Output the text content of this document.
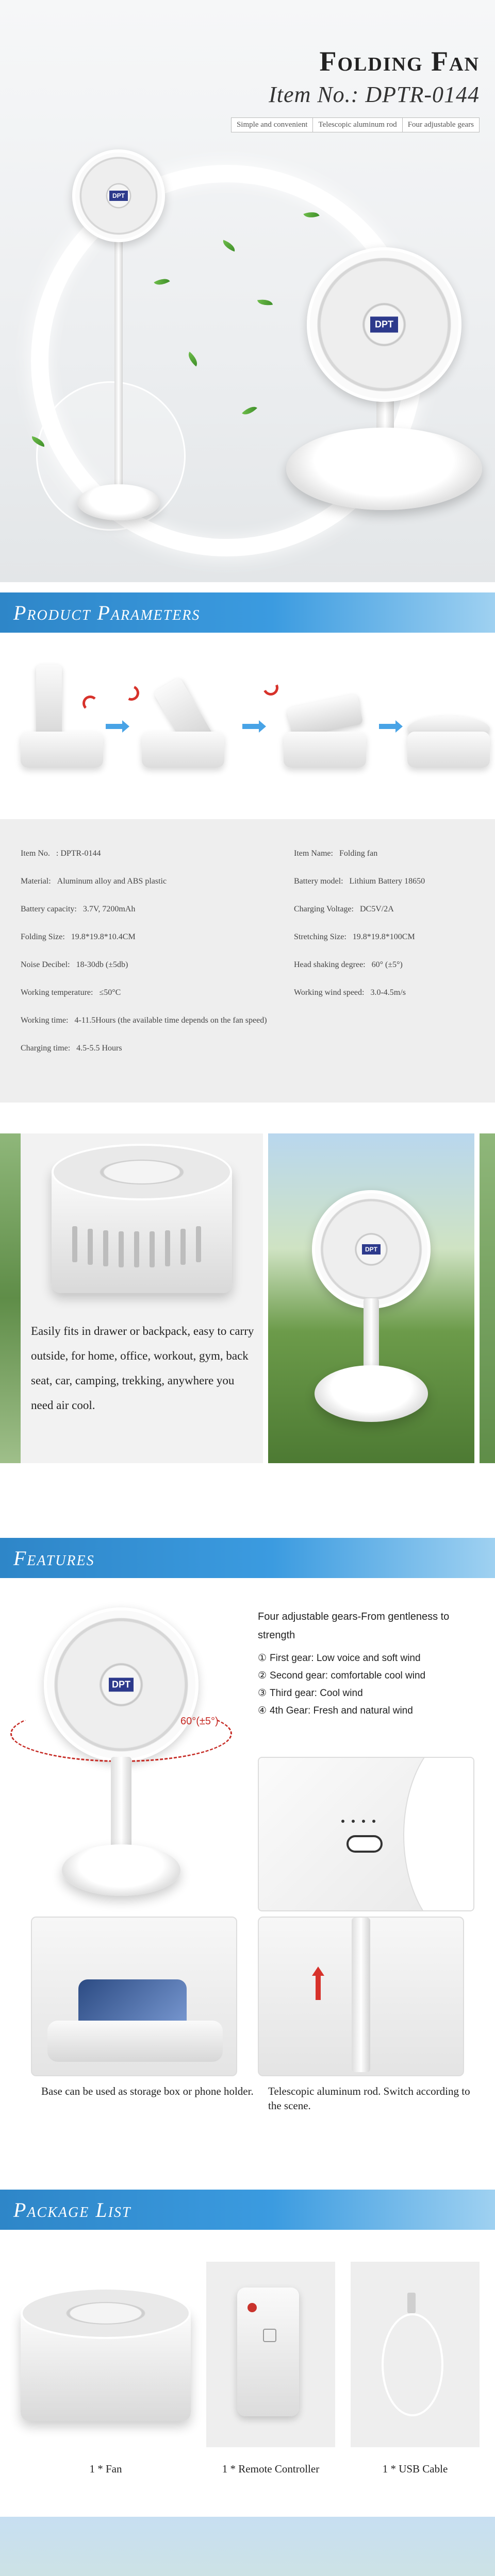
DPT
DPT
Folding Fan
Item No.: DPTR-0144
Simple and convenient	Telescopic aluminum rod	Four adjustable gears
Product Parameters
Item No. : DPTR-0144	Item Name: Folding fan
Material: Aluminum alloy and ABS plastic	Battery model: Lithium Battery 18650
Battery capacity: 3.7V, 7200mAh	Charging Voltage: DC5V/2A
Folding Size: 19.8*19.8*10.4CM	Stretching Size: 19.8*19.8*100CM
Noise Decibel: 18-30db (±5db)	Head shaking degree: 60° (±5°)
Working temperature: ≤50°C	Working wind speed: 3.0-4.5m/s
Working time: 4-11.5Hours (the available time depends on the fan speed)
Charging time: 4.5-5.5 Hours

Easily fits in drawer or backpack, easy to carry outside, for home, office, workout, gym, back seat, car, camping, trekking, anywhere you need air cool.

DPT
Features
DPT
60°(±5°)
Four adjustable gears-From gentleness to strength
① First gear: Low voice and soft wind
② Second gear: comfortable cool wind
③ Third gear: Cool wind
④ 4th Gear: Fresh and natural wind

Base can be used as storage box or phone holder.	Telescopic aluminum rod. Switch according to the scene.

Package List
1 * Fan	1 * Remote Controller	1 * USB Cable
